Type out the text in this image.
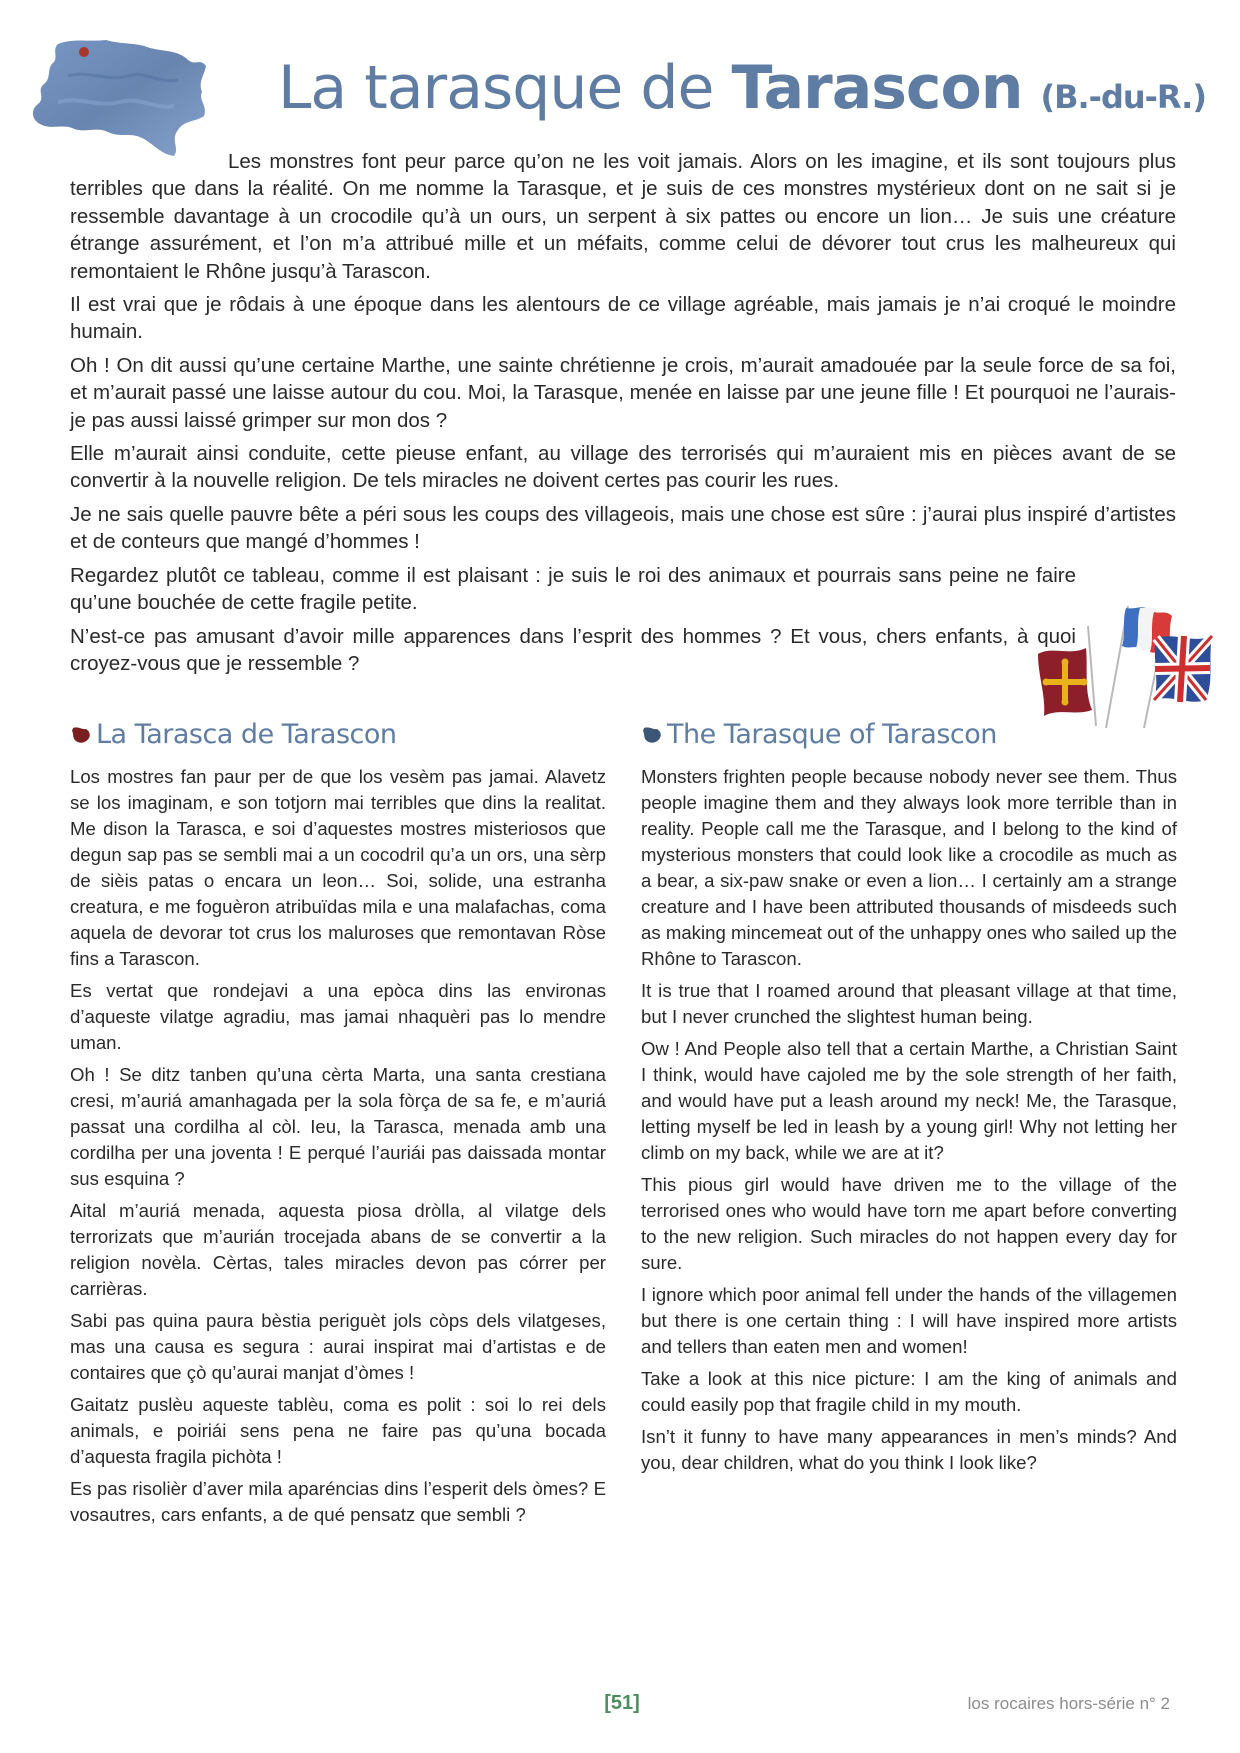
La tarasque de Tarascon (B.-du-R.)

Les monstres font peur parce qu’on ne les voit jamais. Alors on les imagine, et ils sont toujours plus terribles que dans la réalité. On me nomme la Tarasque, et je suis de ces monstres mystérieux dont on ne sait si je ressemble davantage à un crocodile qu’à un ours, un serpent à six pattes ou encore un lion… Je suis une créature étrange assurément, et l’on m’a attribué mille et un méfaits, comme celui de dévorer tout crus les malheureux qui remontaient le Rhône jusqu’à Tarascon.

Il est vrai que je rôdais à une époque dans les alentours de ce village agréable, mais jamais je n’ai croqué le moindre humain.

Oh ! On dit aussi qu’une certaine Marthe, une sainte chrétienne je crois, m’aurait amadouée par la seule force de sa foi, et m’aurait passé une laisse autour du cou. Moi, la Tarasque, menée en laisse par une jeune fille ! Et pourquoi ne l’aurais-je pas aussi laissé grimper sur mon dos ?

Elle m’aurait ainsi conduite, cette pieuse enfant, au village des terrorisés qui m’auraient mis en pièces avant de se convertir à la nouvelle religion. De tels miracles ne doivent certes pas courir les rues.

Je ne sais quelle pauvre bête a péri sous les coups des villageois, mais une chose est sûre : j’aurai plus inspiré d’artistes et de conteurs que mangé d’hommes !

Regardez plutôt ce tableau, comme il est plaisant : je suis le roi des animaux et pourrais sans peine ne faire qu’une bouchée de cette fragile petite.

N’est-ce pas amusant d’avoir mille apparences dans l’esprit des hommes ? Et vous, chers enfants, à quoi croyez-vous que je ressemble ?

La Tarasca de Tarascon

Los mostres fan paur per de que los vesèm pas jamai. Alavetz se los imaginam, e son totjorn mai terribles que dins la realitat. Me dison la Tarasca, e soi d’aquestes mostres misteriosos que degun sap pas se sembli mai a un cocodril qu’a un ors, una sèrp de sièis patas o encara un leon… Soi, solide, una estranha creatura, e me foguèron atribuïdas mila e una malafachas, coma aquela de devorar tot crus los maluroses que remontavan Ròse fins a Tarascon.

Es vertat que rondejavi a una epòca dins las environas d’aqueste vilatge agradiu, mas jamai nhaquèri pas lo mendre uman.

Oh ! Se ditz tanben qu’una cèrta Marta, una santa crestiana cresi, m’auriá amanhagada per la sola fòrça de sa fe, e m’auriá passat una cordilha al còl. Ieu, la Tarasca, menada amb una cordilha per una joventa ! E perqué l’auriái pas daissada montar sus esquina ?

Aital m’auriá menada, aquesta piosa dròlla, al vilatge dels terrorizats que m’aurián trocejada abans de se convertir a la religion novèla. Cèrtas, tales miracles devon pas córrer per carrièras.

Sabi pas quina paura bèstia periguèt jols còps dels vilatgeses, mas una causa es segura : aurai inspirat mai d’artistas e de contaires que çò qu’aurai manjat d’òmes !

Gaitatz puslèu aqueste tablèu, coma es polit : soi lo rei dels animals, e poiriái sens pena ne faire pas qu’una bocada d’aquesta fragila pichòta !

Es pas risolièr d’aver mila aparéncias dins l’esperit dels òmes? E vosautres, cars enfants, a de qué pensatz que sembli ?

The Tarasque of Tarascon

Monsters frighten people because nobody never see them. Thus people imagine them and they always look more terrible than in reality. People call me the Tarasque, and I belong to the kind of mysterious monsters that could look like a crocodile as much as a bear, a six-paw snake or even a lion… I certainly am a strange creature and I have been attributed thousands of misdeeds such as making mincemeat out of the unhappy ones who sailed up the Rhône to Tarascon.

It is true that I roamed around that pleasant village at that time, but I never crunched the slightest human being.

Ow ! And People also tell that a certain Marthe, a Christian Saint I think, would have cajoled me by the sole strength of her faith, and would have put a leash around my neck! Me, the Tarasque, letting myself be led in leash by a young girl! Why not letting her climb on my back, while we are at it?

This pious girl would have driven me to the village of the terrorised ones who would have torn me apart before converting to the new religion. Such miracles do not happen every day for sure.

I ignore which poor animal fell under the hands of the villagemen but there is one certain thing : I will have inspired more artists and tellers than eaten men and women!

Take a look at this nice picture: I am the king of animals and could easily pop that fragile child in my mouth.

Isn’t it funny to have many appearances in men’s minds? And you, dear children, what do you think I look like?

[51]	los rocaires hors-série n° 2
